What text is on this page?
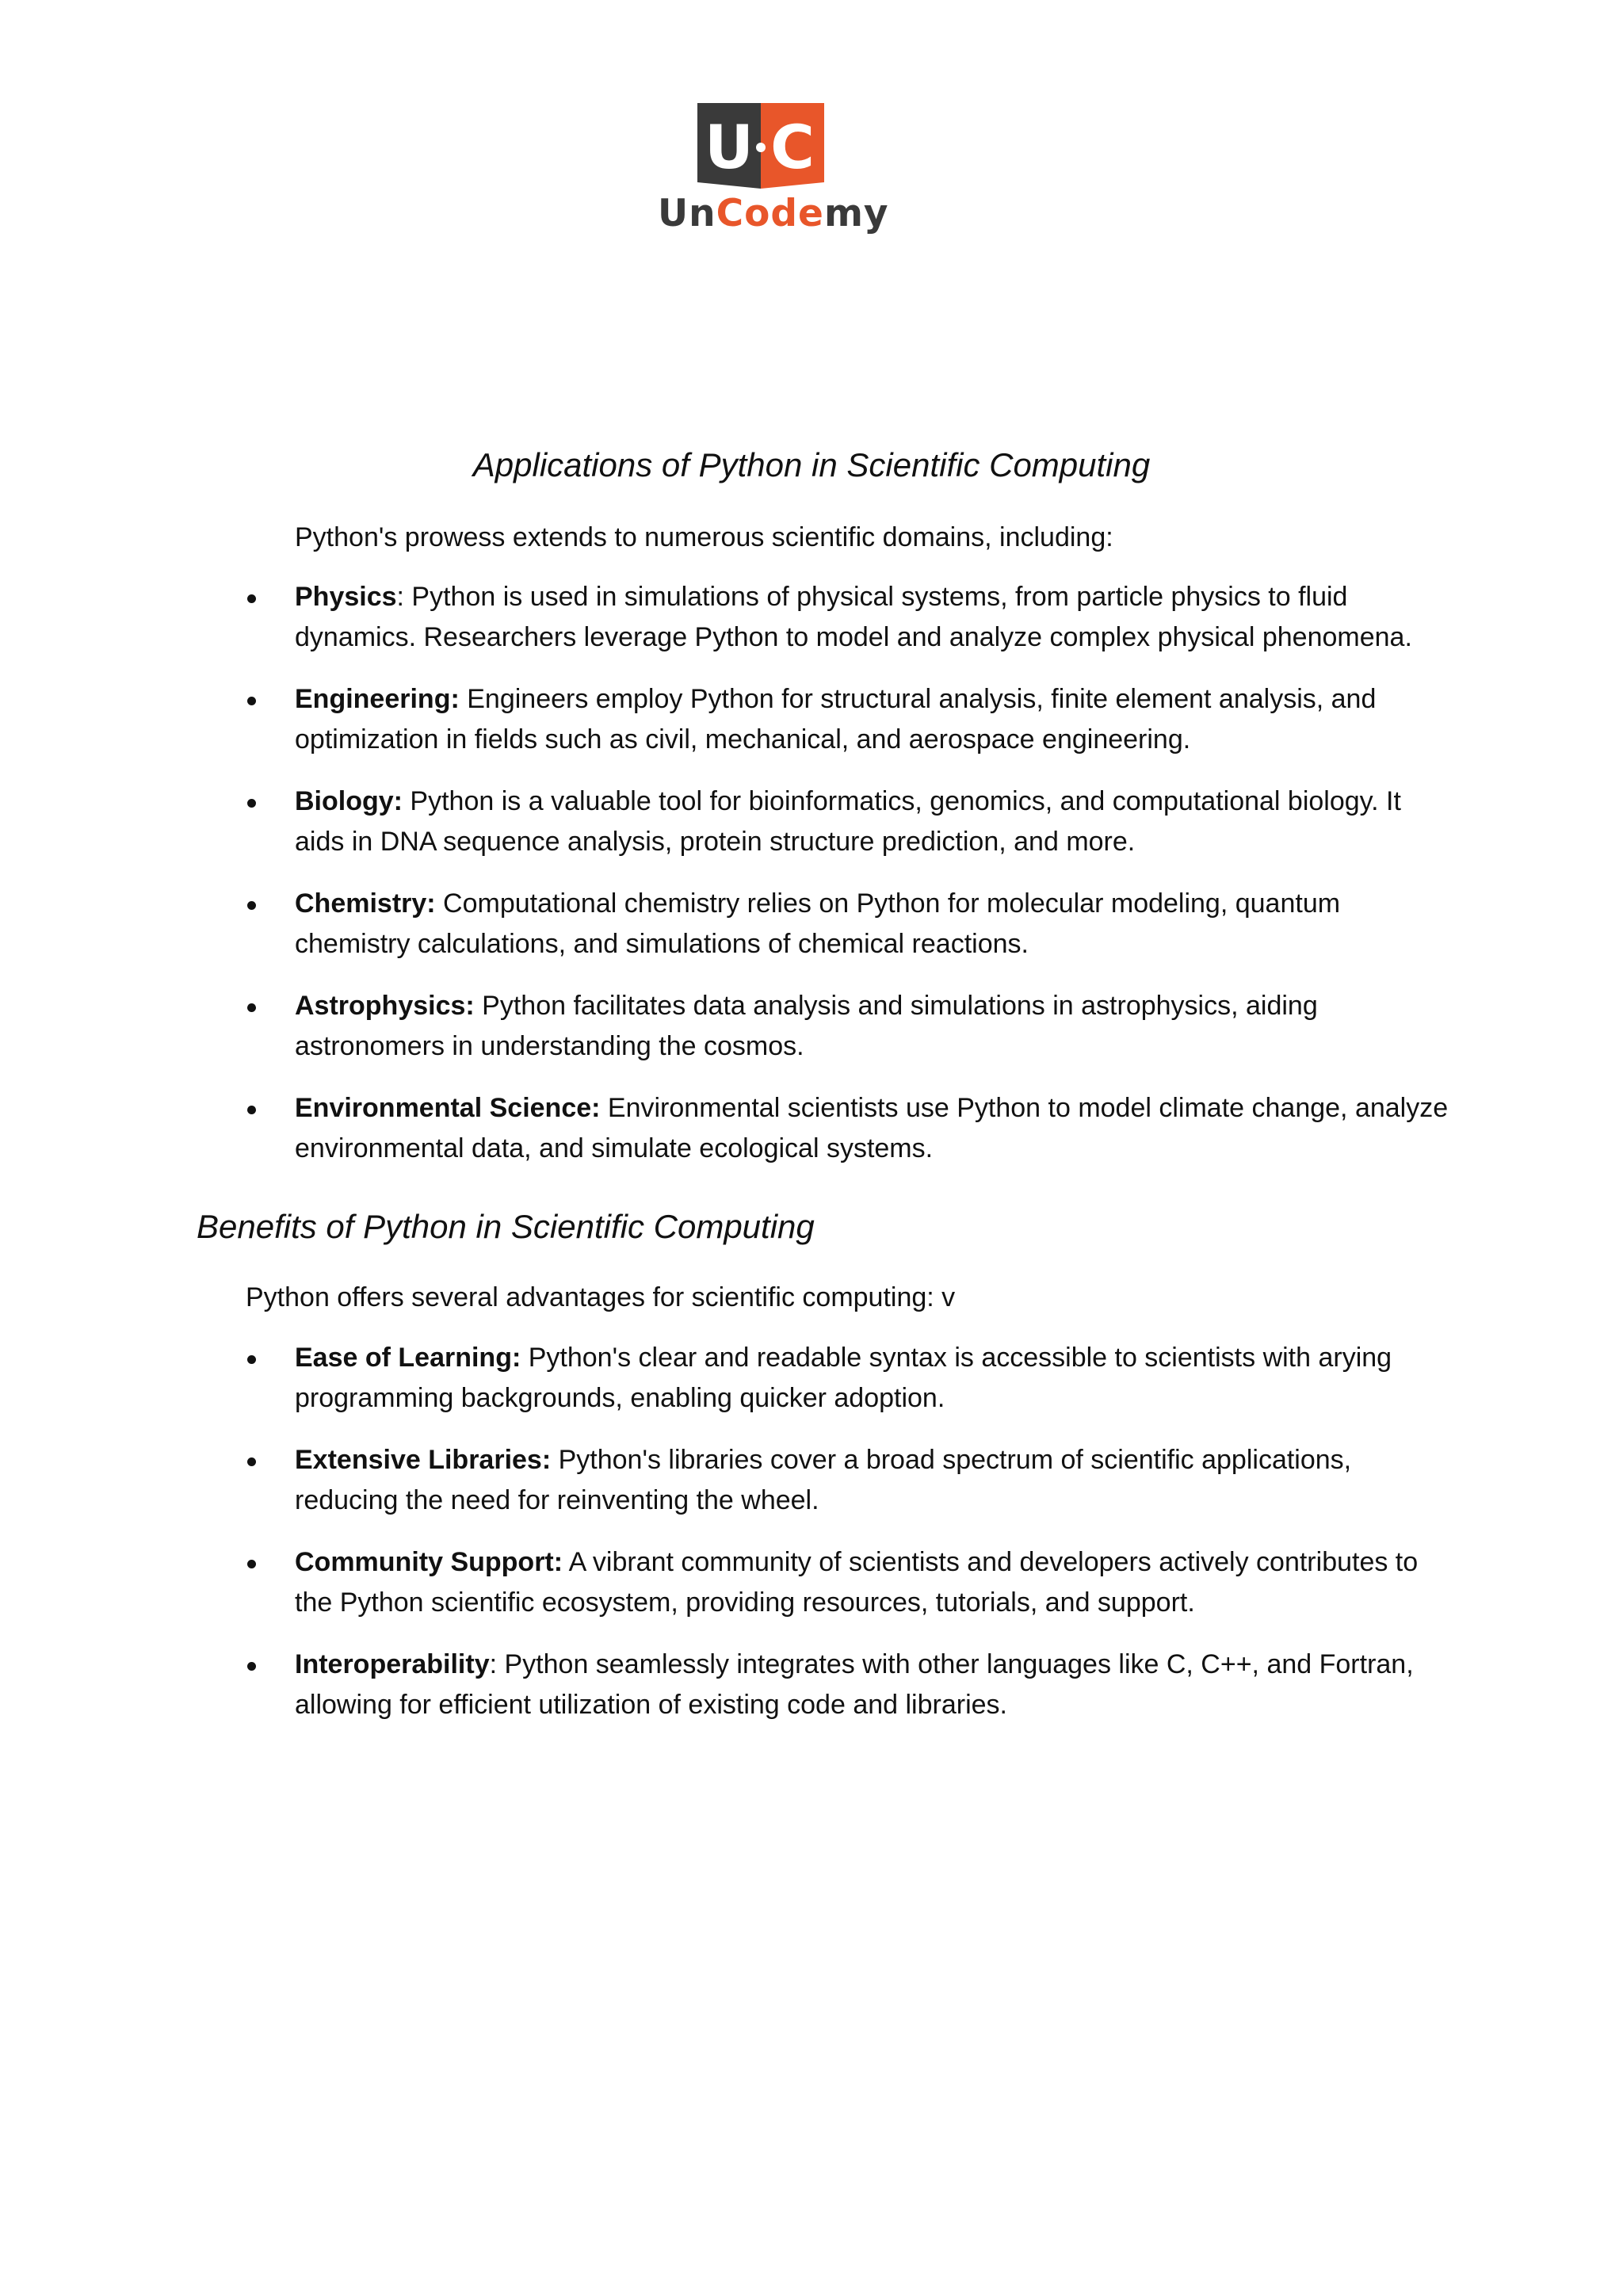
U C
UnCodemy
Applications of Python in Scientific Computing

Python's prowess extends to numerous scientific domains, including:

Physics: Python is used in simulations of physical systems, from particle physics to fluid dynamics. Researchers leverage Python to model and analyze complex physical phenomena.
Engineering: Engineers employ Python for structural analysis, finite element analysis, and optimization in fields such as civil, mechanical, and aerospace engineering.
Biology: Python is a valuable tool for bioinformatics, genomics, and computational biology. It aids in DNA sequence analysis, protein structure prediction, and more.
Chemistry: Computational chemistry relies on Python for molecular modeling, quantum chemistry calculations, and simulations of chemical reactions.
Astrophysics: Python facilitates data analysis and simulations in astrophysics, aiding astronomers in understanding the cosmos.
Environmental Science: Environmental scientists use Python to model climate change, analyze environmental data, and simulate ecological systems.
Benefits of Python in Scientific Computing

Python offers several advantages for scientific computing: v

Ease of Learning: Python's clear and readable syntax is accessible to scientists with arying programming backgrounds, enabling quicker adoption.
Extensive Libraries: Python's libraries cover a broad spectrum of scientific applications, reducing the need for reinventing the wheel.
Community Support: A vibrant community of scientists and developers actively contributes to the Python scientific ecosystem, providing resources, tutorials, and support.
Interoperability: Python seamlessly integrates with other languages like C, C++, and Fortran, allowing for efficient utilization of existing code and libraries.
